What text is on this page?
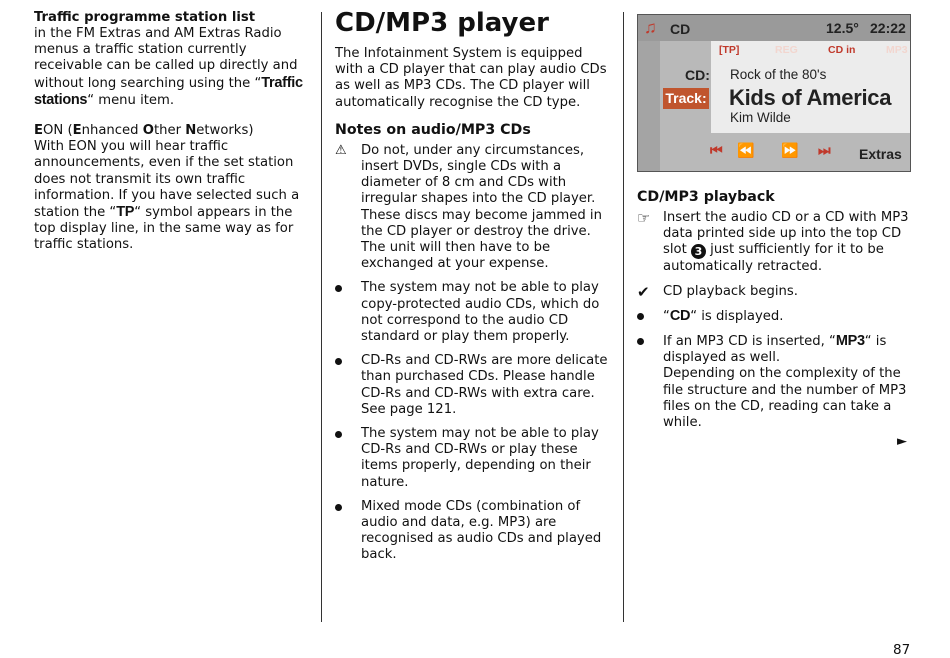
Traffic programme station list

in the FM Extras and AM Extras Radio menus a traffic station currently receivable can be called up directly and without long searching using the “Traffic stations“ menu item.

EON (Enhanced Other Networks)

With EON you will hear traffic announcements, even if the set station does not transmit its own traffic information. If you have selected such a station the “TP“ symbol appears in the top display line, in the same way as for traffic stations.

CD/MP3 player

The Infotainment System is equipped with a CD player that can play audio CDs as well as MP3 CDs. The CD player will automatically recognise the CD type.

Notes on audio/MP3 CDs
⚠ Do not, under any circumstances, insert DVDs, single CDs with a diameter of 8 cm and CDs with irregular shapes into the CD player. These discs may become jammed in the CD player or destroy the drive. The unit will then have to be exchanged at your expense.

The system may not be able to play copy-protected audio CDs, which do not correspond to the audio CD standard or play them properly.

CD-Rs and CD-RWs are more delicate than purchased CDs. Please handle CD-Rs and CD-RWs with extra care. See page 121.

The system may not be able to play CD-Rs and CD-RWs or play these items properly, depending on their nature.

Mixed mode CDs (combination of audio and data, e.g. MP3) are recognised as audio CDs and played back.

♫ CD	12.5° 22:22
[TP]	REG	CD in	MP3
CD:
Track:
Rock of the 80's
Kids of America
Kim Wilde
⏮ ⏪ ⏩ ⏭ Extras
CD/MP3 playback
☞ Insert the audio CD or a CD with MP3 data printed side up into the top CD slot 3 just sufficiently for it to be automatically retracted.

✔ CD playback begins.

“CD“ is displayed.

If an MP3 CD is inserted, “MP3“ is displayed as well.

Depending on the complexity of the file structure and the number of MP3 files on the CD, reading can take a while.

►
87
